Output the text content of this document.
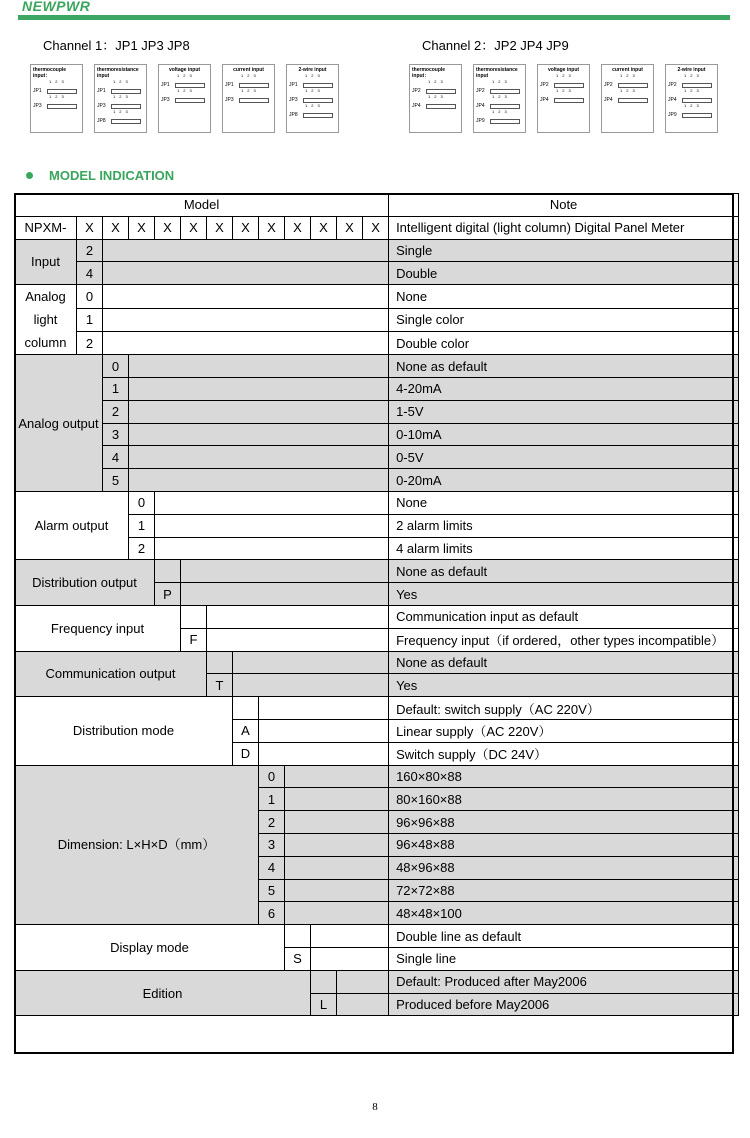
NEWPWR
Channel 1：JP1 JP3 JP8	Channel 2：JP2 JP4 JP9
thermocouple input：
123
JP1
123
JP3
thermoresistance input
123
JP1
123
JP3
123
JP8
voltage input
123
JP1
123
JP3
current input
123
JP1
123
JP3
2-wire input
123
JP1
123
JP3
123
JP8
thermocouple input：
123
JP2
123
JP4
thermoresistance input
123
JP2
123
JP4
123
JP9
voltage input
123
JP2
123
JP4
current input
123
JP2
123
JP4
2-wire input
123
JP2
123
JP4
123
JP9
MODEL INDICATION
Model													Note
NPXM-	X	X	X	X	X	X	X	X	X	X	X	X	Intelligent digital (light column) Digital Panel Meter
Input	2												Single
	4												Double
Analog light column	0												None
	1												Single color
	2												Double color
Analog output		0											None as default
		1											4-20mA
		2											1-5V
		3											0-10mA
		4											0-5V
		5											0-20mA
Alarm output			0										None
			1										2 alarm limits
			2										4 alarm limits
Distribution output													None as default
				P									Yes
Frequency input													Communication input as default
					F								Frequency input（if ordered，other types incompatible）
Communication output													None as default
						T							Yes
Distribution mode													Default: switch supply（AC 220V）
							A						Linear supply（AC 220V）
							D						Switch supply（DC 24V）
Dimension: L×H×D（mm）								0					160×80×88
								1					80×160×88
								2					96×96×88
								3					96×48×88
								4					48×96×88
								5					72×72×88
								6					48×48×100
Display mode													Double line as default
									S				Single line
Edition													Default: Produced after May2006
										L			Produced before May2006
8
